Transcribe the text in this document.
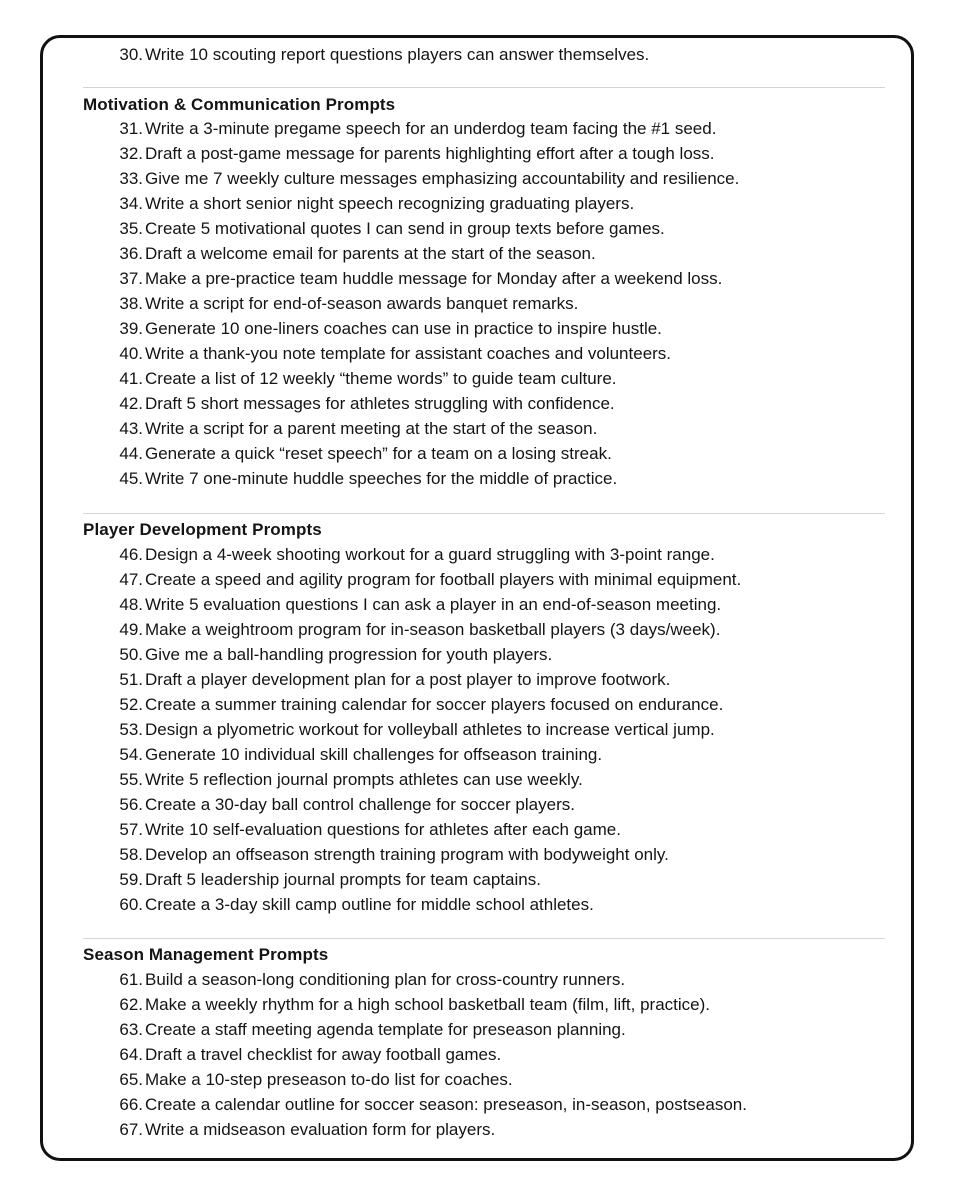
30. Write 10 scouting report questions players can answer themselves.
Motivation & Communication Prompts
31. Write a 3-minute pregame speech for an underdog team facing the #1 seed.
32. Draft a post-game message for parents highlighting effort after a tough loss.
33. Give me 7 weekly culture messages emphasizing accountability and resilience.
34. Write a short senior night speech recognizing graduating players.
35. Create 5 motivational quotes I can send in group texts before games.
36. Draft a welcome email for parents at the start of the season.
37. Make a pre-practice team huddle message for Monday after a weekend loss.
38. Write a script for end-of-season awards banquet remarks.
39. Generate 10 one-liners coaches can use in practice to inspire hustle.
40. Write a thank-you note template for assistant coaches and volunteers.
41. Create a list of 12 weekly “theme words” to guide team culture.
42. Draft 5 short messages for athletes struggling with confidence.
43. Write a script for a parent meeting at the start of the season.
44. Generate a quick “reset speech” for a team on a losing streak.
45. Write 7 one-minute huddle speeches for the middle of practice.
Player Development Prompts
46. Design a 4-week shooting workout for a guard struggling with 3-point range.
47. Create a speed and agility program for football players with minimal equipment.
48. Write 5 evaluation questions I can ask a player in an end-of-season meeting.
49. Make a weightroom program for in-season basketball players (3 days/week).
50. Give me a ball-handling progression for youth players.
51. Draft a player development plan for a post player to improve footwork.
52. Create a summer training calendar for soccer players focused on endurance.
53. Design a plyometric workout for volleyball athletes to increase vertical jump.
54. Generate 10 individual skill challenges for offseason training.
55. Write 5 reflection journal prompts athletes can use weekly.
56. Create a 30-day ball control challenge for soccer players.
57. Write 10 self-evaluation questions for athletes after each game.
58. Develop an offseason strength training program with bodyweight only.
59. Draft 5 leadership journal prompts for team captains.
60. Create a 3-day skill camp outline for middle school athletes.
Season Management Prompts
61. Build a season-long conditioning plan for cross-country runners.
62. Make a weekly rhythm for a high school basketball team (film, lift, practice).
63. Create a staff meeting agenda template for preseason planning.
64. Draft a travel checklist for away football games.
65. Make a 10-step preseason to-do list for coaches.
66. Create a calendar outline for soccer season: preseason, in-season, postseason.
67. Write a midseason evaluation form for players.
